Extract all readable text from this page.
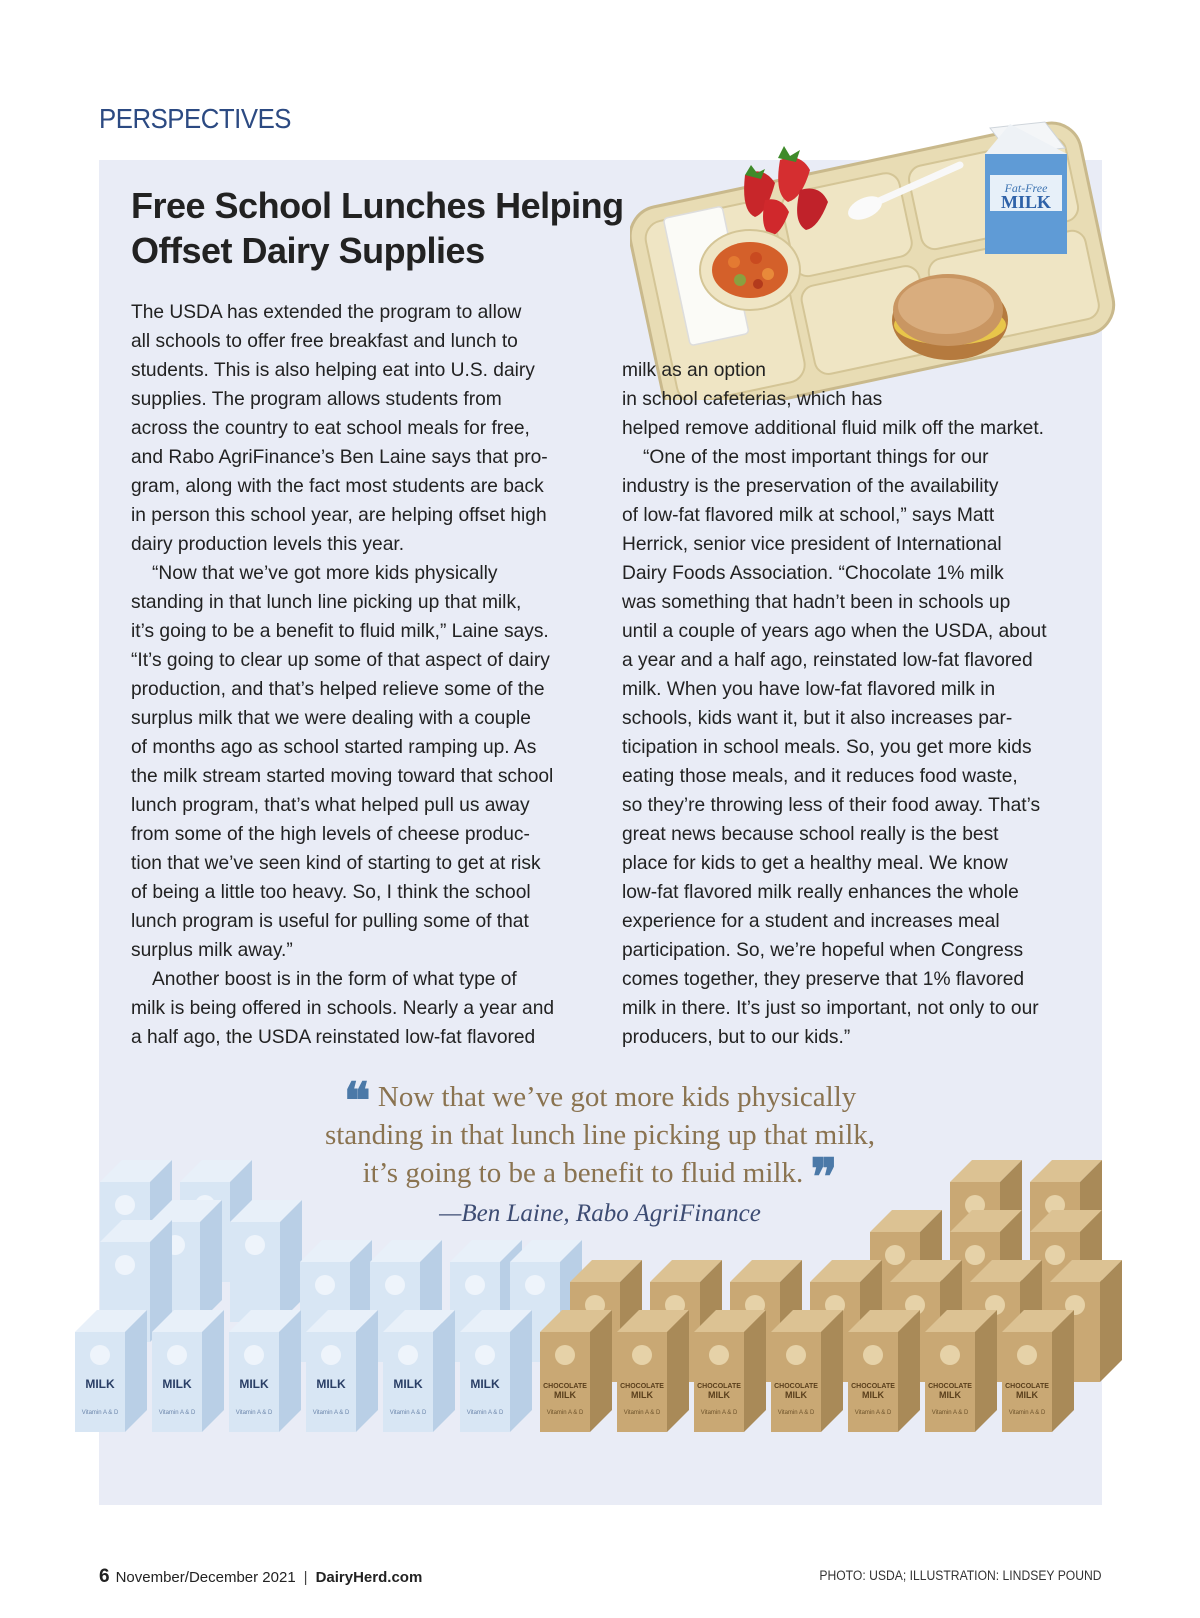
PERSPECTIVES
Free School Lunches Helping
Offset Dairy Supplies
Fat-Free
MILK

The USDA has extended the program to allow
all schools to offer free breakfast and lunch to
students. This is also helping eat into U.S. dairy
supplies. The program allows students from
across the country to eat school meals for free,
and Rabo AgriFinance’s Ben Laine says that pro-
gram, along with the fact most students are back
in person this school year, are helping offset high
dairy production levels this year.

“Now that we’ve got more kids physically
standing in that lunch line picking up that milk,
it’s going to be a benefit to fluid milk,” Laine says.
“It’s going to clear up some of that aspect of dairy
production, and that’s helped relieve some of the
surplus milk that we were dealing with a couple
of months ago as school started ramping up. As
the milk stream started moving toward that school
lunch program, that’s what helped pull us away
from some of the high levels of cheese produc-
tion that we’ve seen kind of starting to get at risk
of being a little too heavy. So, I think the school
lunch program is useful for pulling some of that
surplus milk away.”

Another boost is in the form of what type of
milk is being offered in schools. Nearly a year and
a half ago, the USDA reinstated low-fat flavored

milk as an option
in school cafeterias, which has
helped remove additional fluid milk off the market.

“One of the most important things for our
industry is the preservation of the availability
of low-fat flavored milk at school,” says Matt
Herrick, senior vice president of International
Dairy Foods Association. “Chocolate 1% milk
was something that hadn’t been in schools up
until a couple of years ago when the USDA, about
a year and a half ago, reinstated low-fat flavored
milk. When you have low-fat flavored milk in
schools, kids want it, but it also increases par-
ticipation in school meals. So, you get more kids
eating those meals, and it reduces food waste,
so they’re throwing less of their food away. That’s
great news because school really is the best
place for kids to get a healthy meal. We know
low-fat flavored milk really enhances the whole
experience for a student and increases meal
participation. So, we’re hopeful when Congress
comes together, they preserve that 1% flavored
milk in there. It’s just so important, not only to our
producers, but to our kids.”

MILK
Vitamin A & D
MILK
Vitamin A & D
MILK
Vitamin A & D
MILK
Vitamin A & D
MILK
Vitamin A & D
MILK
Vitamin A & D
CHOCOLATE
MILK
Vitamin A & D
CHOCOLATE
MILK
Vitamin A & D
CHOCOLATE
MILK
Vitamin A & D
CHOCOLATE
MILK
Vitamin A & D
CHOCOLATE
MILK
Vitamin A & D
CHOCOLATE
MILK
Vitamin A & D
CHOCOLATE
MILK
Vitamin A & D
❝ Now that we’ve got more kids physically
standing in that lunch line picking up that milk,
it’s going to be a benefit to fluid milk. ❞
—Ben Laine, Rabo AgriFinance
6 November/December 2021 | DairyHerd.com	PHOTO: USDA; ILLUSTRATION: LINDSEY POUND
